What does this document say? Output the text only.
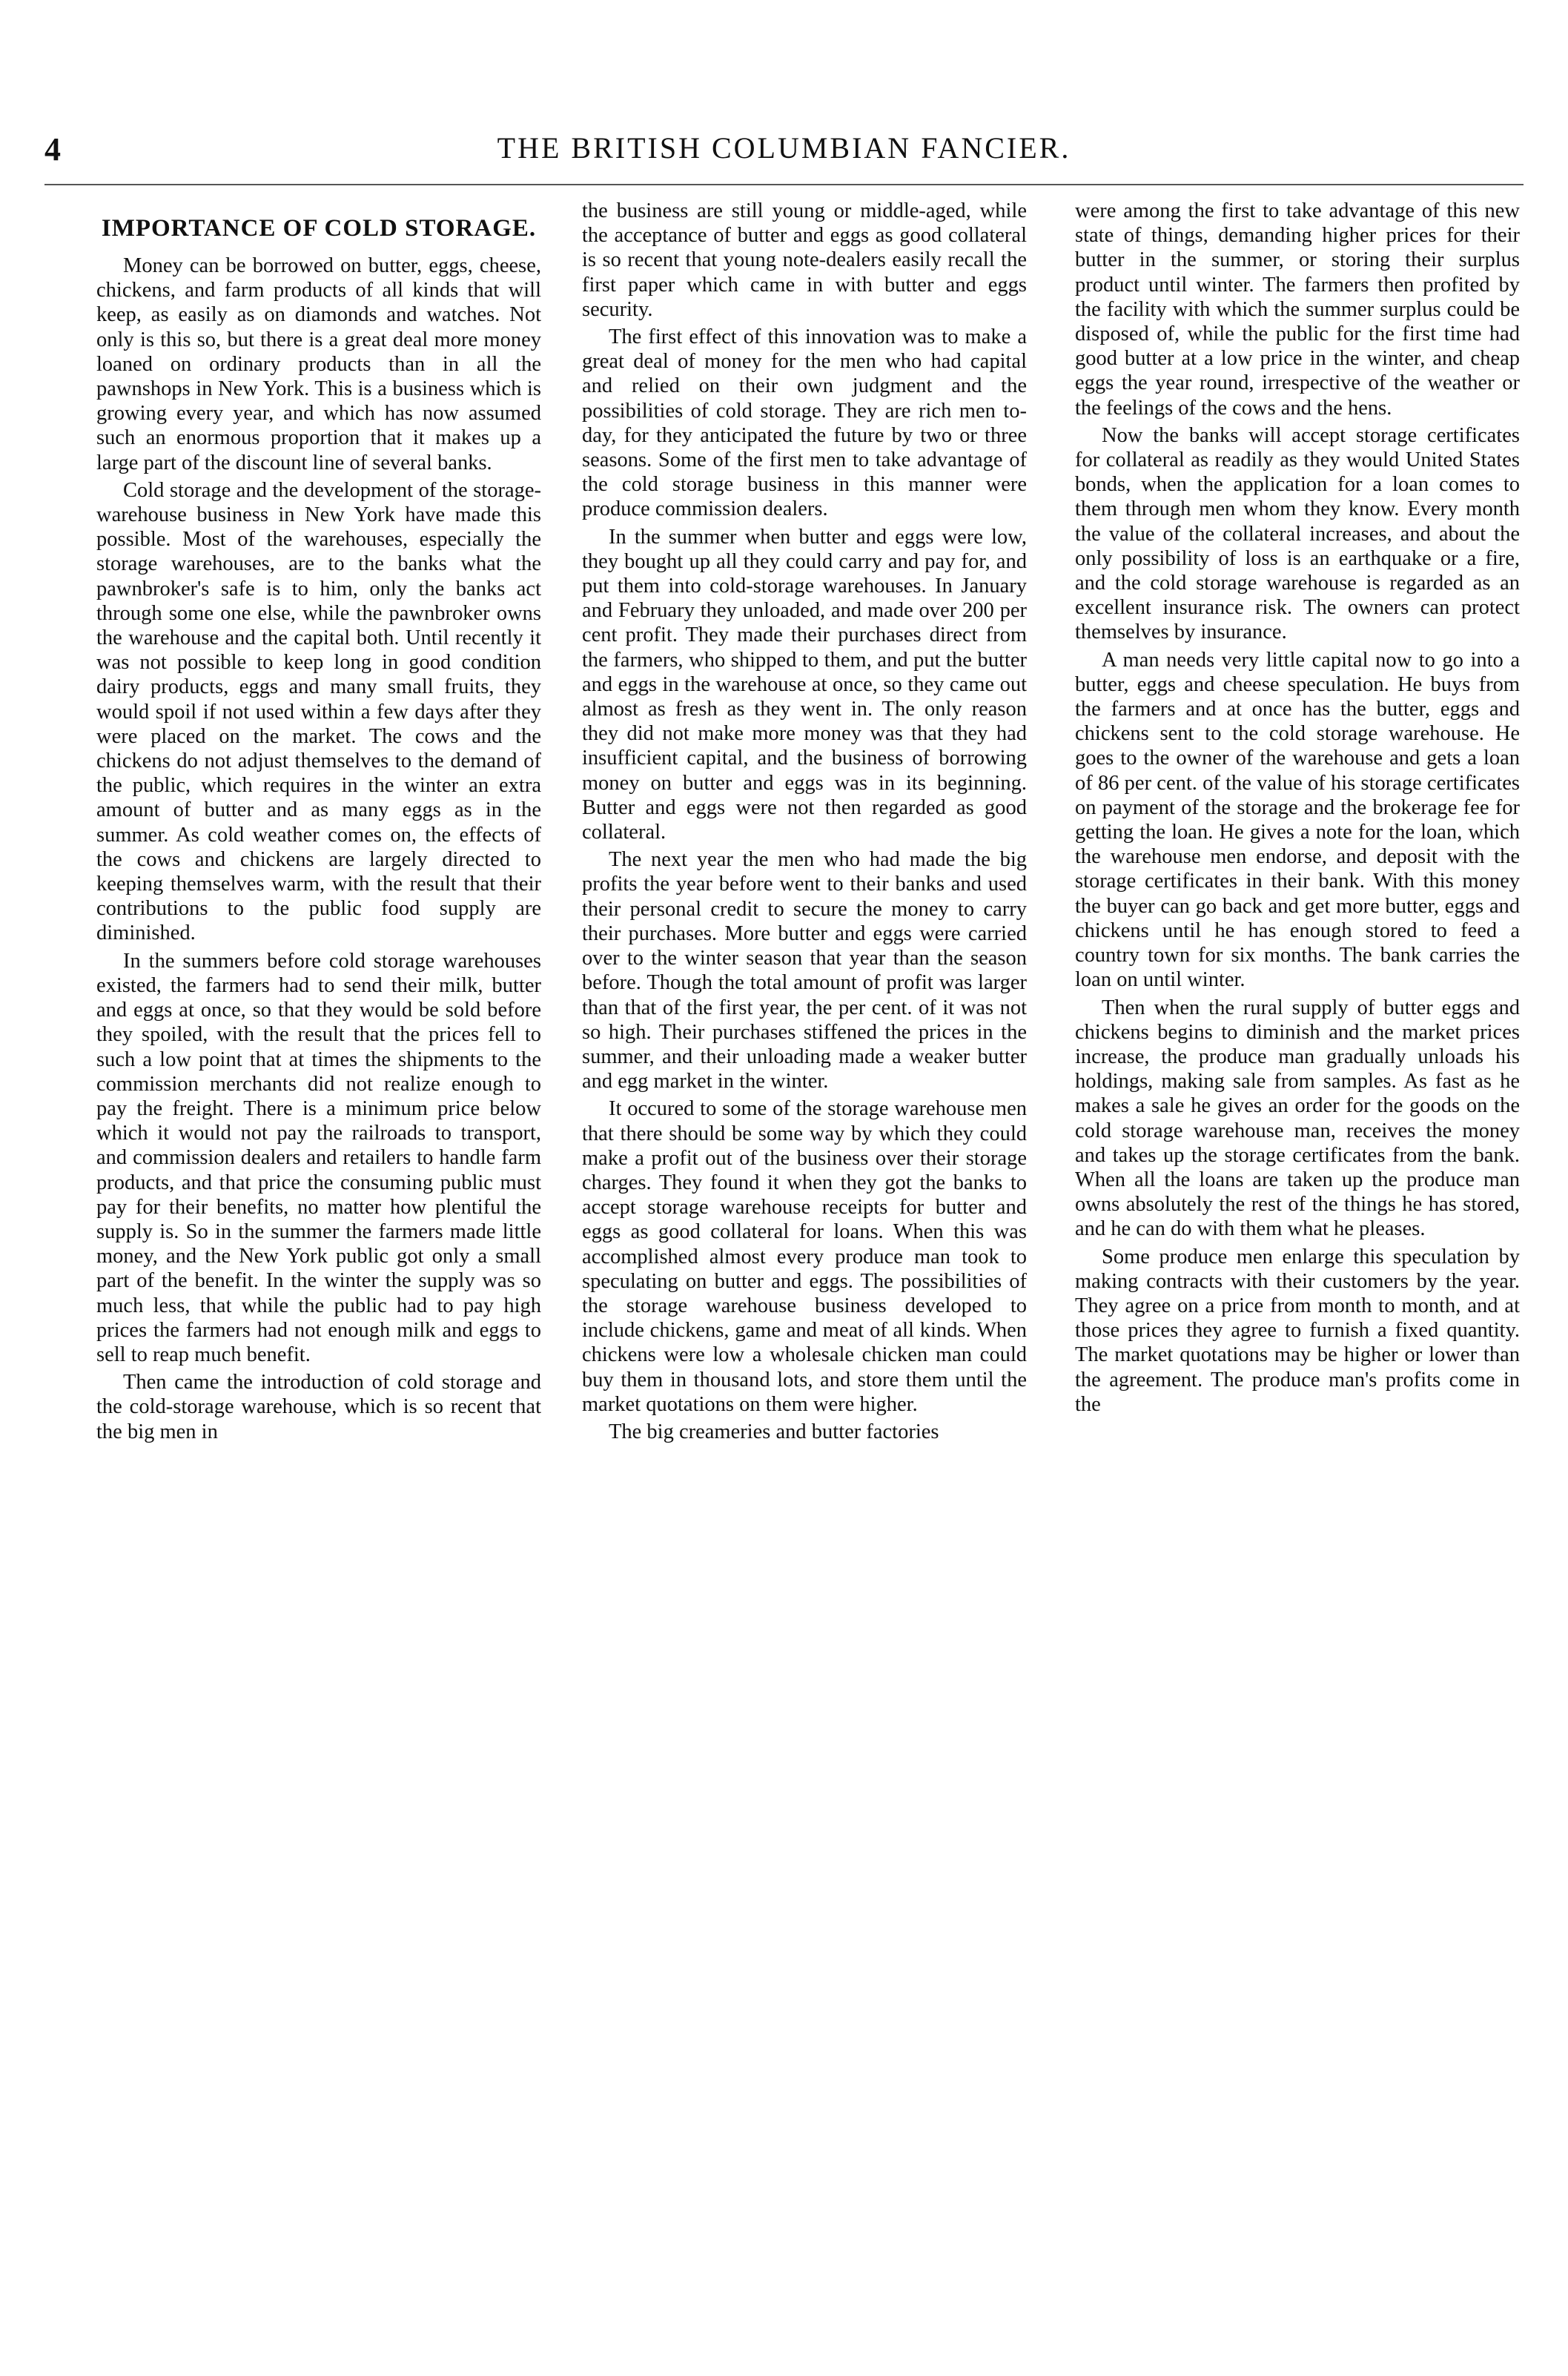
4	THE BRITISH COLUMBIAN FANCIER.
IMPORTANCE OF COLD STORAGE.

Money can be borrowed on butter, eggs, cheese, chickens, and farm products of all kinds that will keep, as easily as on diamonds and watches. Not only is this so, but there is a great deal more money loaned on ordinary products than in all the pawnshops in New York. This is a business which is growing every year, and which has now assumed such an enormous proportion that it makes up a large part of the discount line of several banks.

Cold storage and the development of the storage-warehouse business in New York have made this possible. Most of the warehouses, especially the storage warehouses, are to the banks what the pawnbroker's safe is to him, only the banks act through some one else, while the pawnbroker owns the warehouse and the capital both. Until recently it was not possible to keep long in good condition dairy products, eggs and many small fruits, they would spoil if not used within a few days after they were placed on the market. The cows and the chickens do not adjust themselves to the demand of the public, which requires in the winter an extra amount of butter and as many eggs as in the summer. As cold weather comes on, the effects of the cows and chickens are largely directed to keeping themselves warm, with the result that their contributions to the public food supply are diminished.

In the summers before cold storage warehouses existed, the farmers had to send their milk, butter and eggs at once, so that they would be sold before they spoiled, with the result that the prices fell to such a low point that at times the shipments to the commission merchants did not realize enough to pay the freight. There is a minimum price below which it would not pay the railroads to transport, and commission dealers and retailers to handle farm products, and that price the consuming public must pay for their benefits, no matter how plentiful the supply is. So in the summer the farmers made little money, and the New York public got only a small part of the benefit. In the winter the supply was so much less, that while the public had to pay high prices the farmers had not enough milk and eggs to sell to reap much benefit.

Then came the introduction of cold storage and the cold-storage warehouse, which is so recent that the big men in

the business are still young or middle-aged, while the acceptance of butter and eggs as good collateral is so recent that young note-dealers easily recall the first paper which came in with butter and eggs security.

The first effect of this innovation was to make a great deal of money for the men who had capital and relied on their own judgment and the possibilities of cold storage. They are rich men to-day, for they anticipated the future by two or three seasons. Some of the first men to take advantage of the cold storage business in this manner were produce commission dealers.

In the summer when butter and eggs were low, they bought up all they could carry and pay for, and put them into cold-storage warehouses. In January and February they unloaded, and made over 200 per cent profit. They made their purchases direct from the farmers, who shipped to them, and put the butter and eggs in the warehouse at once, so they came out almost as fresh as they went in. The only reason they did not make more money was that they had insufficient capital, and the business of borrowing money on butter and eggs was in its beginning. Butter and eggs were not then regarded as good collateral.

The next year the men who had made the big profits the year before went to their banks and used their personal credit to secure the money to carry their purchases. More butter and eggs were carried over to the winter season that year than the season before. Though the total amount of profit was larger than that of the first year, the per cent. of it was not so high. Their purchases stiffened the prices in the summer, and their unloading made a weaker butter and egg market in the winter.

It occured to some of the storage warehouse men that there should be some way by which they could make a profit out of the business over their storage charges. They found it when they got the banks to accept storage warehouse receipts for butter and eggs as good collateral for loans. When this was accomplished almost every produce man took to speculating on butter and eggs. The possibilities of the storage warehouse business developed to include chickens, game and meat of all kinds. When chickens were low a wholesale chicken man could buy them in thousand lots, and store them until the market quotations on them were higher.

The big creameries and butter factories

were among the first to take advantage of this new state of things, demanding higher prices for their butter in the summer, or storing their surplus product until winter. The farmers then profited by the facility with which the summer surplus could be disposed of, while the public for the first time had good butter at a low price in the winter, and cheap eggs the year round, irrespective of the weather or the feelings of the cows and the hens.

Now the banks will accept storage certificates for collateral as readily as they would United States bonds, when the application for a loan comes to them through men whom they know. Every month the value of the collateral increases, and about the only possibility of loss is an earthquake or a fire, and the cold storage warehouse is regarded as an excellent insurance risk. The owners can protect themselves by insurance.

A man needs very little capital now to go into a butter, eggs and cheese speculation. He buys from the farmers and at once has the butter, eggs and chickens sent to the cold storage warehouse. He goes to the owner of the warehouse and gets a loan of 86 per cent. of the value of his storage certificates on payment of the storage and the brokerage fee for getting the loan. He gives a note for the loan, which the warehouse men endorse, and deposit with the storage certificates in their bank. With this money the buyer can go back and get more butter, eggs and chickens until he has enough stored to feed a country town for six months. The bank carries the loan on until winter.

Then when the rural supply of butter eggs and chickens begins to diminish and the market prices increase, the produce man gradually unloads his holdings, making sale from samples. As fast as he makes a sale he gives an order for the goods on the cold storage warehouse man, receives the money and takes up the storage certificates from the bank. When all the loans are taken up the produce man owns absolutely the rest of the things he has stored, and he can do with them what he pleases.

Some produce men enlarge this speculation by making contracts with their customers by the year. They agree on a price from month to month, and at those prices they agree to furnish a fixed quantity. The market quotations may be higher or lower than the agreement. The produce man's profits come in the
